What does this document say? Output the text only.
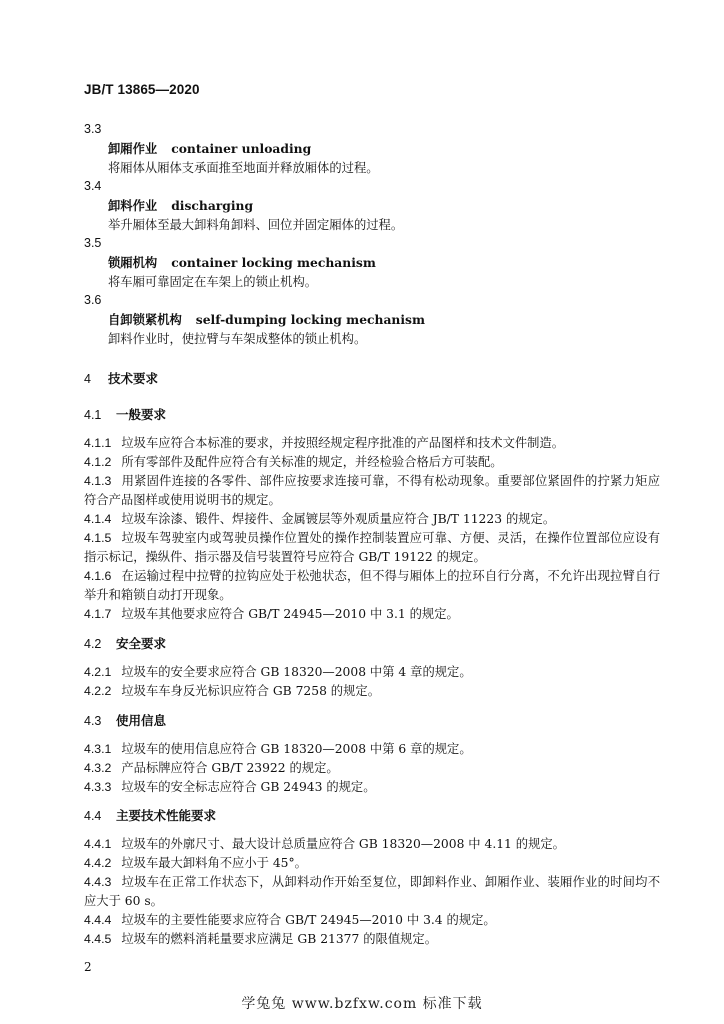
JB/T 13865—2020
3.3
卸厢作业 container unloading
将厢体从厢体支承面推至地面并释放厢体的过程。
3.4
卸料作业 discharging
举升厢体至最大卸料角卸料、回位并固定厢体的过程。
3.5
锁厢机构 container locking mechanism
将车厢可靠固定在车架上的锁止机构。
3.6
自卸锁紧机构 self-dumping locking mechanism
卸料作业时，使拉臂与车架成整体的锁止机构。
4 技术要求
4.1 一般要求
4.1.1 垃圾车应符合本标准的要求，并按照经规定程序批准的产品图样和技术文件制造。
4.1.2 所有零部件及配件应符合有关标准的规定，并经检验合格后方可装配。
4.1.3 用紧固件连接的各零件、部件应按要求连接可靠，不得有松动现象。重要部位紧固件的拧紧力矩应符合产品图样或使用说明书的规定。
4.1.4 垃圾车涂漆、锻件、焊接件、金属镀层等外观质量应符合 JB/T 11223 的规定。
4.1.5 垃圾车驾驶室内或驾驶员操作位置处的操作控制装置应可靠、方便、灵活，在操作位置部位应设有指示标记，操纵件、指示器及信号装置符号应符合 GB/T 19122 的规定。
4.1.6 在运输过程中拉臂的拉钩应处于松弛状态，但不得与厢体上的拉环自行分离，不允许出现拉臂自行举升和箱锁自动打开现象。
4.1.7 垃圾车其他要求应符合 GB/T 24945—2010 中 3.1 的规定。
4.2 安全要求
4.2.1 垃圾车的安全要求应符合 GB 18320—2008 中第 4 章的规定。
4.2.2 垃圾车车身反光标识应符合 GB 7258 的规定。
4.3 使用信息
4.3.1 垃圾车的使用信息应符合 GB 18320—2008 中第 6 章的规定。
4.3.2 产品标牌应符合 GB/T 23922 的规定。
4.3.3 垃圾车的安全标志应符合 GB 24943 的规定。
4.4 主要技术性能要求
4.4.1 垃圾车的外廓尺寸、最大设计总质量应符合 GB 18320—2008 中 4.11 的规定。
4.4.2 垃圾车最大卸料角不应小于 45°。
4.4.3 垃圾车在正常工作状态下，从卸料动作开始至复位，即卸料作业、卸厢作业、装厢作业的时间均不应大于 60 s。
4.4.4 垃圾车的主要性能要求应符合 GB/T 24945—2010 中 3.4 的规定。
4.4.5 垃圾车的燃料消耗量要求应满足 GB 21377 的限值规定。
2
学兔兔 www.bzfxw.com 标准下载
